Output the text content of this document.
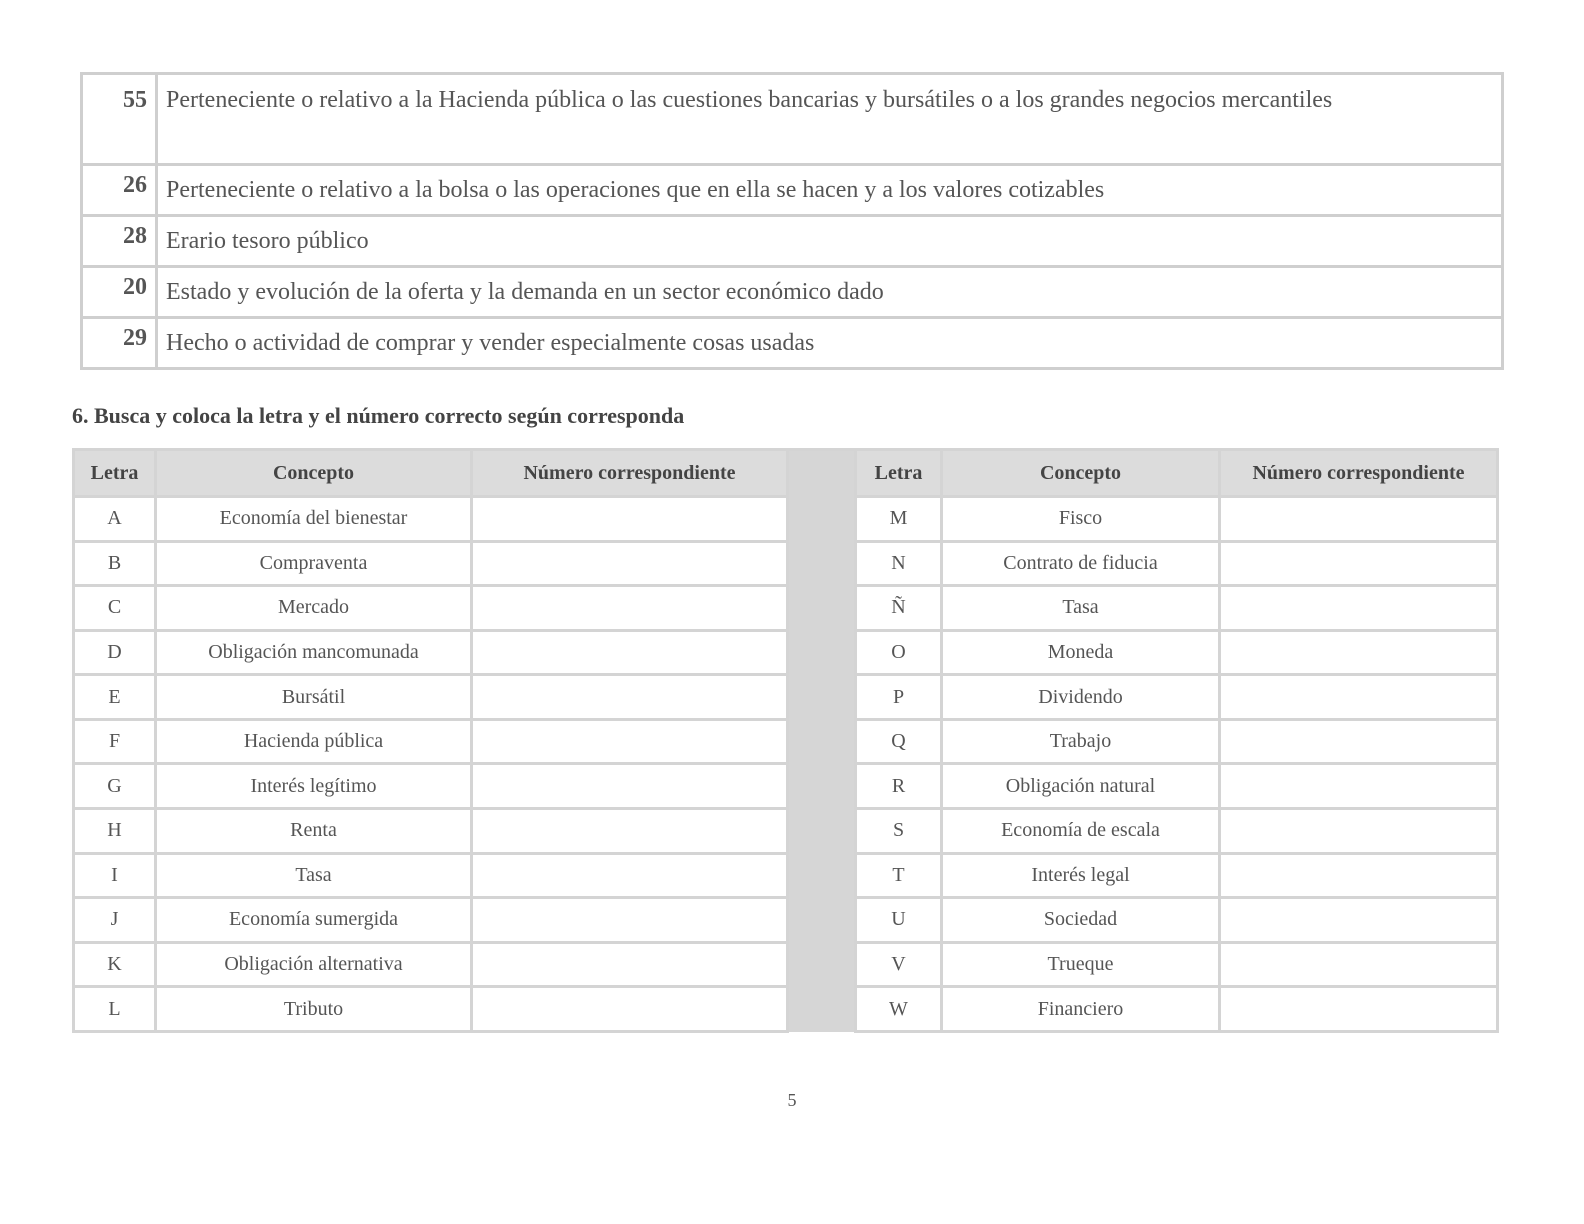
55	Perteneciente o relativo a la Hacienda pública o las cuestiones bancarias y bursátiles o a los grandes negocios mercantiles
26	Perteneciente o relativo a la bolsa o las operaciones que en ella se hacen y a los valores cotizables
28	Erario tesoro público
20	Estado y evolución de la oferta y la demanda en un sector económico dado
29	Hecho o actividad de comprar y vender especialmente cosas usadas
6. Busca y coloca la letra y el número correcto según corresponda
Letra	Concepto	Número correspondiente		Letra	Concepto	Número correspondiente
A	Economía del bienestar			M	Fisco	
B	Compraventa			N	Contrato de fiducia	
C	Mercado			Ñ	Tasa	
D	Obligación mancomunada			O	Moneda	
E	Bursátil			P	Dividendo	
F	Hacienda pública			Q	Trabajo	
G	Interés legítimo			R	Obligación natural	
H	Renta			S	Economía de escala	
I	Tasa			T	Interés legal	
J	Economía sumergida			U	Sociedad	
K	Obligación alternativa			V	Trueque	
L	Tributo			W	Financiero	
5
